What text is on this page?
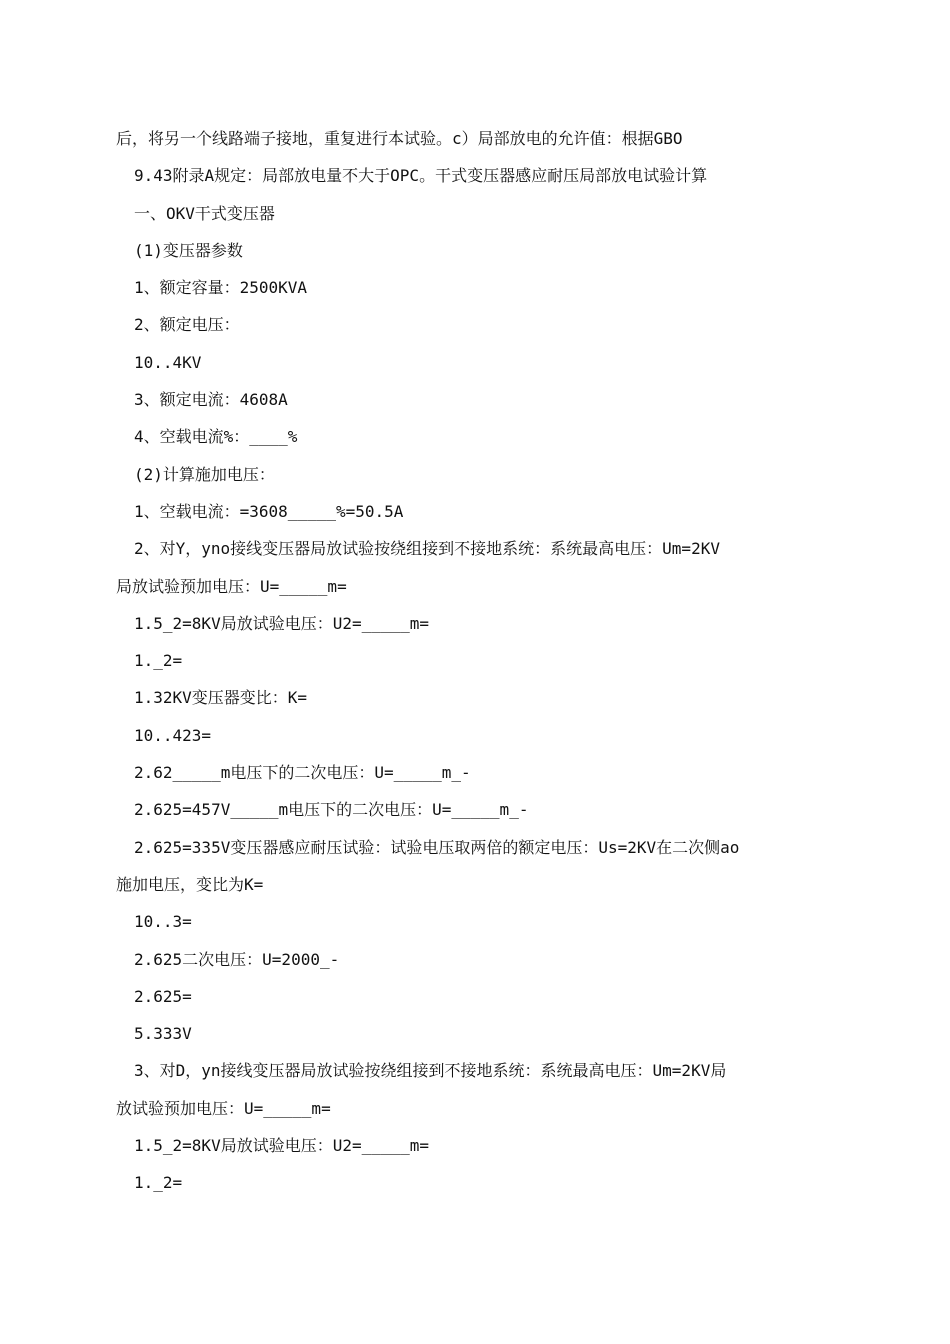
后，将另一个线路端子接地，重复进行本试验。c）局部放电的允许值：根据GBO
9.43附录A规定：局部放电量不大于OPC。干式变压器感应耐压局部放电试验计算
一、OKV干式变压器
(1)变压器参数
1、额定容量：2500KVA
2、额定电压：
10..4KV
3、额定电流：4608A
4、空载电流%：____%
(2)计算施加电压：
1、空载电流：=3608_____%=50.5A
2、对Y，yno接线变压器局放试验按绕组接到不接地系统：系统最高电压：Um=2KV
局放试验预加电压：U=_____m=
1.5_2=8KV局放试验电压：U2=_____m=
1._2=
1.32KV变压器变比：K=
10..423=
2.62_____m电压下的二次电压：U=_____m_-
2.625=457V_____m电压下的二次电压：U=_____m_-
2.625=335V变压器感应耐压试验：试验电压取两倍的额定电压：Us=2KV在二次侧ao
施加电压，变比为K=
10..3=
2.625二次电压：U=2000_-
2.625=
5.333V
3、对D，yn接线变压器局放试验按绕组接到不接地系统：系统最高电压：Um=2KV局
放试验预加电压：U=_____m=
1.5_2=8KV局放试验电压：U2=_____m=
1._2=
